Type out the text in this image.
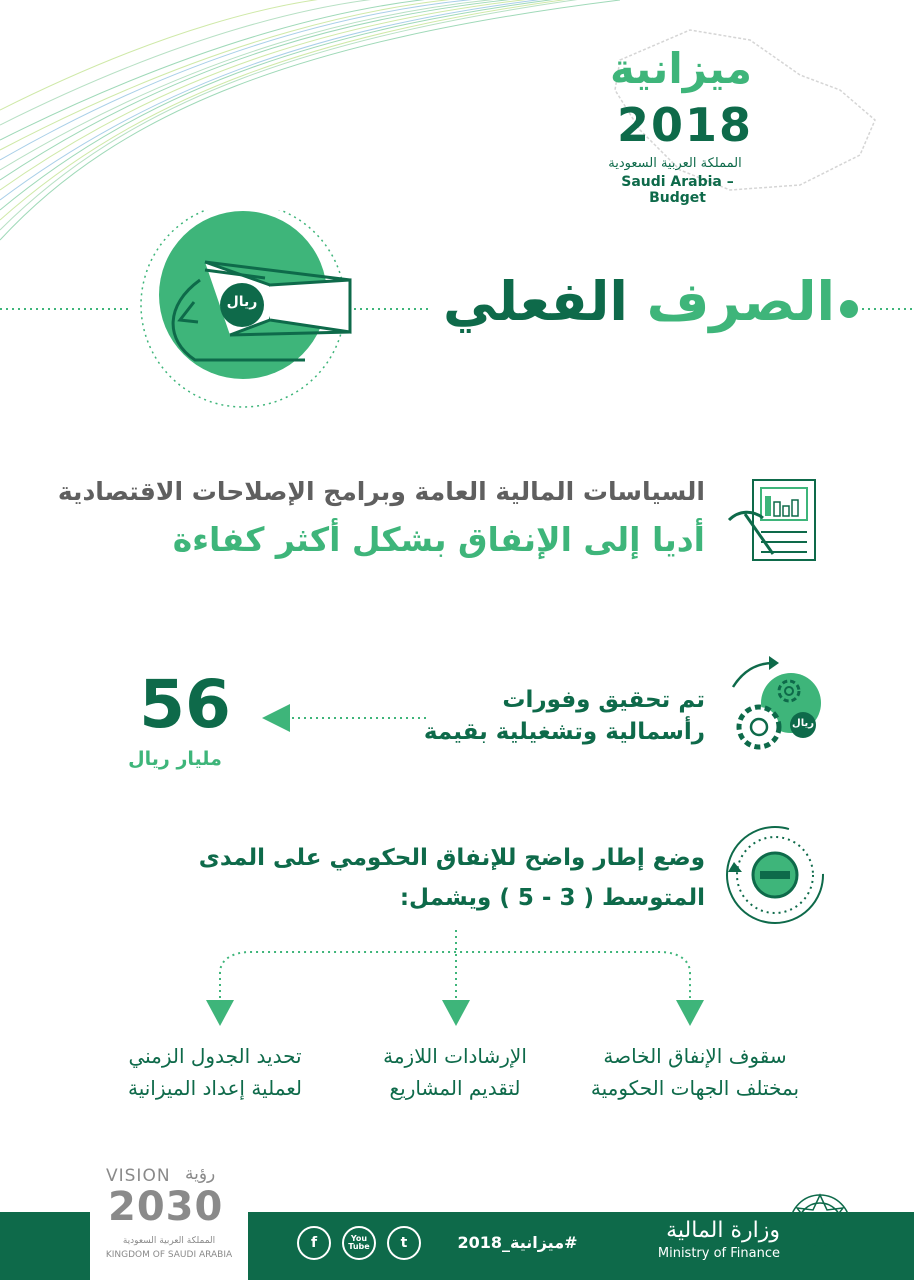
ميزانية
2018
المملكة العربية السعودية
Saudi Arabia – Budget
الصرف الفعلي
ريال
السياسات المالية العامة وبرامج الإصلاحات الاقتصادية
أديا إلى الإنفاق بشكل أكثر كفاءة
تم تحقيق وفورات
رأسمالية وتشغيلية بقيمة
56
مليار ريال
ريال
وضع إطار واضح للإنفاق الحكومي على المدى
المتوسط ( 3 - 5 ) ويشمل:
سقوف الإنفاق الخاصة
بمختلف الجهات الحكومية
الإرشادات اللازمة
لتقديم المشاريع
تحديد الجدول الزمني
لعملية إعداد الميزانية
VISION رؤية
2030
المملكة العربية السعودية
KINGDOM OF SAUDI ARABIA
f	You Tube	t	#ميزانية_2018	وزارة المالية
Ministry of Finance
